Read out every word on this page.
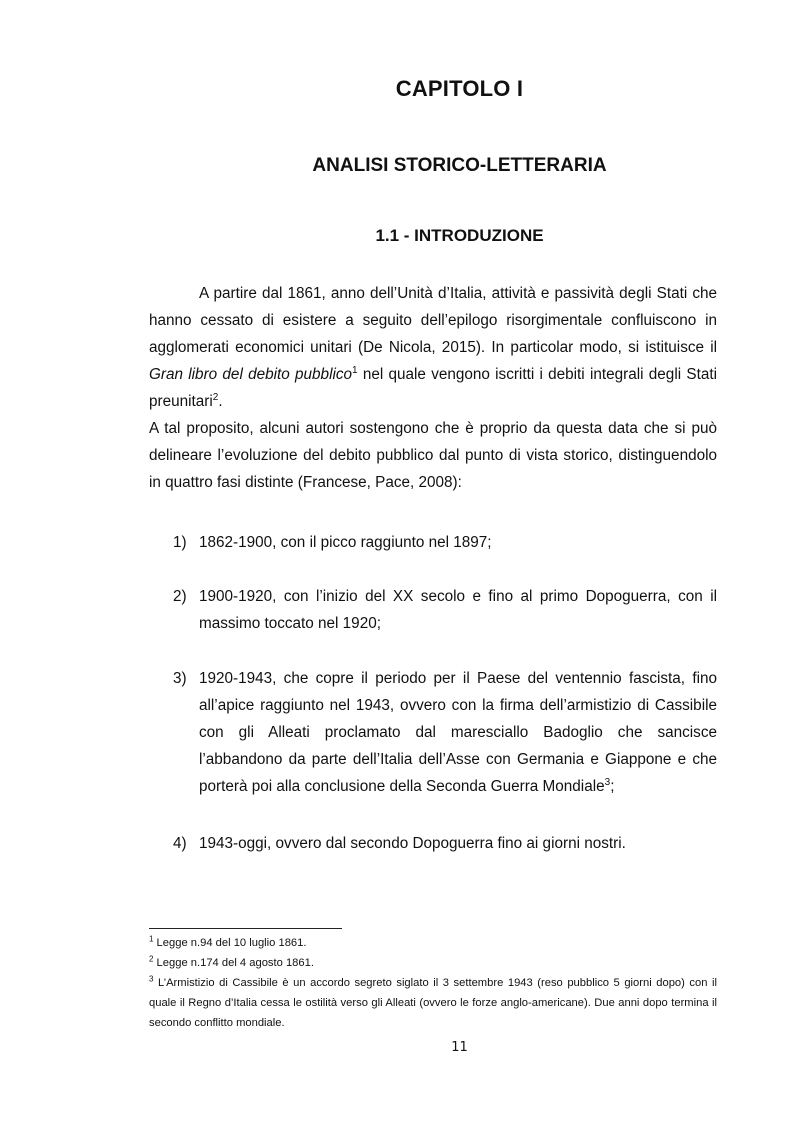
CAPITOLO I
ANALISI STORICO-LETTERARIA
1.1 - INTRODUZIONE
A partire dal 1861, anno dell’Unità d’Italia, attività e passività degli Stati che hanno cessato di esistere a seguito dell’epilogo risorgimentale confluiscono in agglomerati economici unitari (De Nicola, 2015). In particolar modo, si istituisce il Gran libro del debito pubblico$^1$ nel quale vengono iscritti i debiti integrali degli Stati preunitari$^2$.
A tal proposito, alcuni autori sostengono che è proprio da questa data che si può delineare l’evoluzione del debito pubblico dal punto di vista storico, distinguendolo in quattro fasi distinte (Francese, Pace, 2008):
1) 1862-1900, con il picco raggiunto nel 1897;
2) 1900-1920, con l’inizio del XX secolo e fino al primo Dopoguerra, con il massimo toccato nel 1920;
3) 1920-1943, che copre il periodo per il Paese del ventennio fascista, fino all’apice raggiunto nel 1943, ovvero con la firma dell’armistizio di Cassibile con gli Alleati proclamato dal maresciallo Badoglio che sancisce l’abbandono da parte dell’Italia dell’Asse con Germania e Giappone e che porterà poi alla conclusione della Seconda Guerra Mondiale$^3$;
4) 1943-oggi, ovvero dal secondo Dopoguerra fino ai giorni nostri.
$^1$ Legge n.94 del 10 luglio 1861.
$^2$ Legge n.174 del 4 agosto 1861.
$^3$ L’Armistizio di Cassibile è un accordo segreto siglato il 3 settembre 1943 (reso pubblico 5 giorni dopo) con il quale il Regno d’Italia cessa le ostilità verso gli Alleati (ovvero le forze anglo-americane). Due anni dopo termina il secondo conflitto mondiale.
11
